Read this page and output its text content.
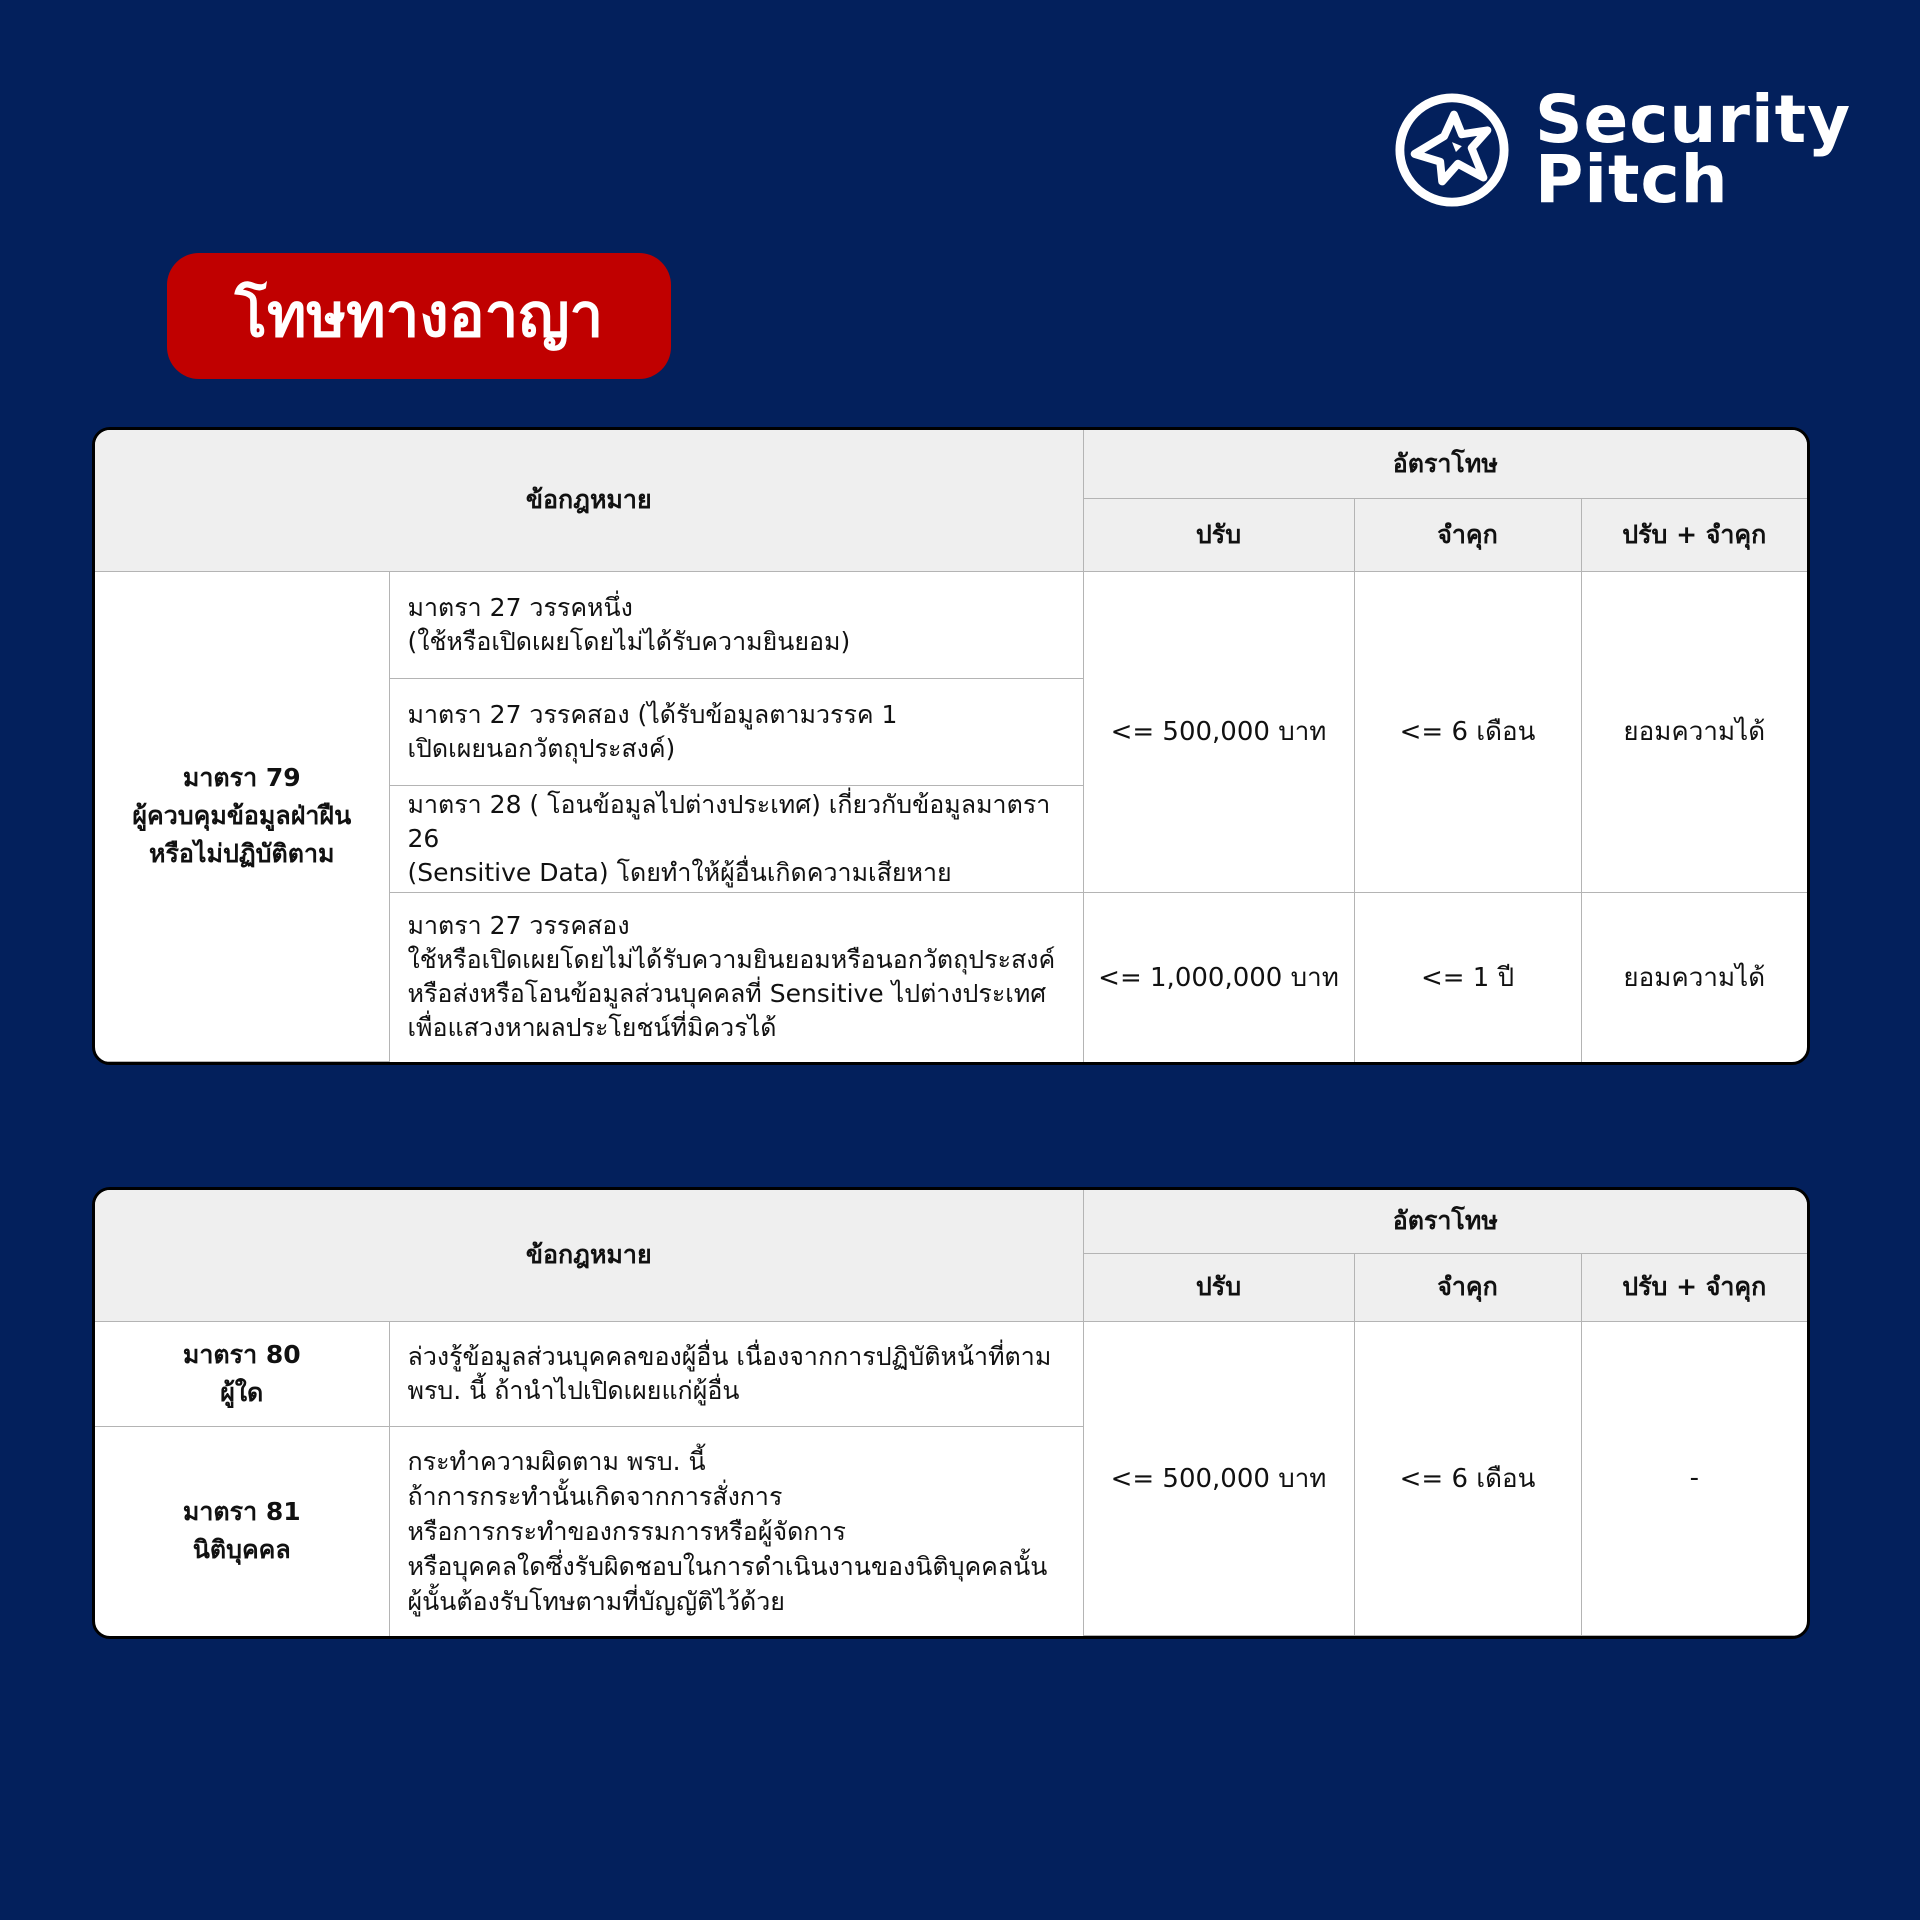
Security
Pitch
โทษทางอาญา
ข้อกฎหมาย		อัตราโทษ		
		ปรับ	จำคุก	ปรับ + จำคุก

มาตรา 79
ผู้ควบคุมข้อมูลฝ่าฝืน
หรือไม่ปฏิบัติตาม	มาตรา 27 วรรคหนึ่ง
(ใช้หรือเปิดเผยโดยไม่ได้รับความยินยอม)	<= 500,000 บาท	<= 6 เดือน	ยอมความได้

	มาตรา 27 วรรคสอง (ได้รับข้อมูลตามวรรค 1
เปิดเผยนอกวัตถุประสงค์)			

	มาตรา 28 ( โอนข้อมูลไปต่างประเทศ) เกี่ยวกับข้อมูลมาตรา 26
(Sensitive Data) โดยทำให้ผู้อื่นเกิดความเสียหาย			

	มาตรา 27 วรรคสอง
ใช้หรือเปิดเผยโดยไม่ได้รับความยินยอมหรือนอกวัตถุประสงค์
หรือส่งหรือโอนข้อมูลส่วนบุคคลที่ Sensitive ไปต่างประเทศ
เพื่อแสวงหาผลประโยชน์ที่มิควรได้	<= 1,000,000 บาท	<= 1 ปี	ยอมความได้
ข้อกฎหมาย		อัตราโทษ		
		ปรับ	จำคุก	ปรับ + จำคุก

มาตรา 80
ผู้ใด	ล่วงรู้ข้อมูลส่วนบุคคลของผู้อื่น เนื่องจากการปฏิบัติหน้าที่ตาม
พรบ. นี้ ถ้านำไปเปิดเผยแก่ผู้อื่น	<= 500,000 บาท	<= 6 เดือน	-

มาตรา 81
นิติบุคคล	กระทำความผิดตาม พรบ. นี้
ถ้าการกระทำนั้นเกิดจากการสั่งการ
หรือการกระทำของกรรมการหรือผู้จัดการ
หรือบุคคลใดซึ่งรับผิดชอบในการดำเนินงานของนิติบุคคลนั้น
ผู้นั้นต้องรับโทษตามที่บัญญัติไว้ด้วย			
